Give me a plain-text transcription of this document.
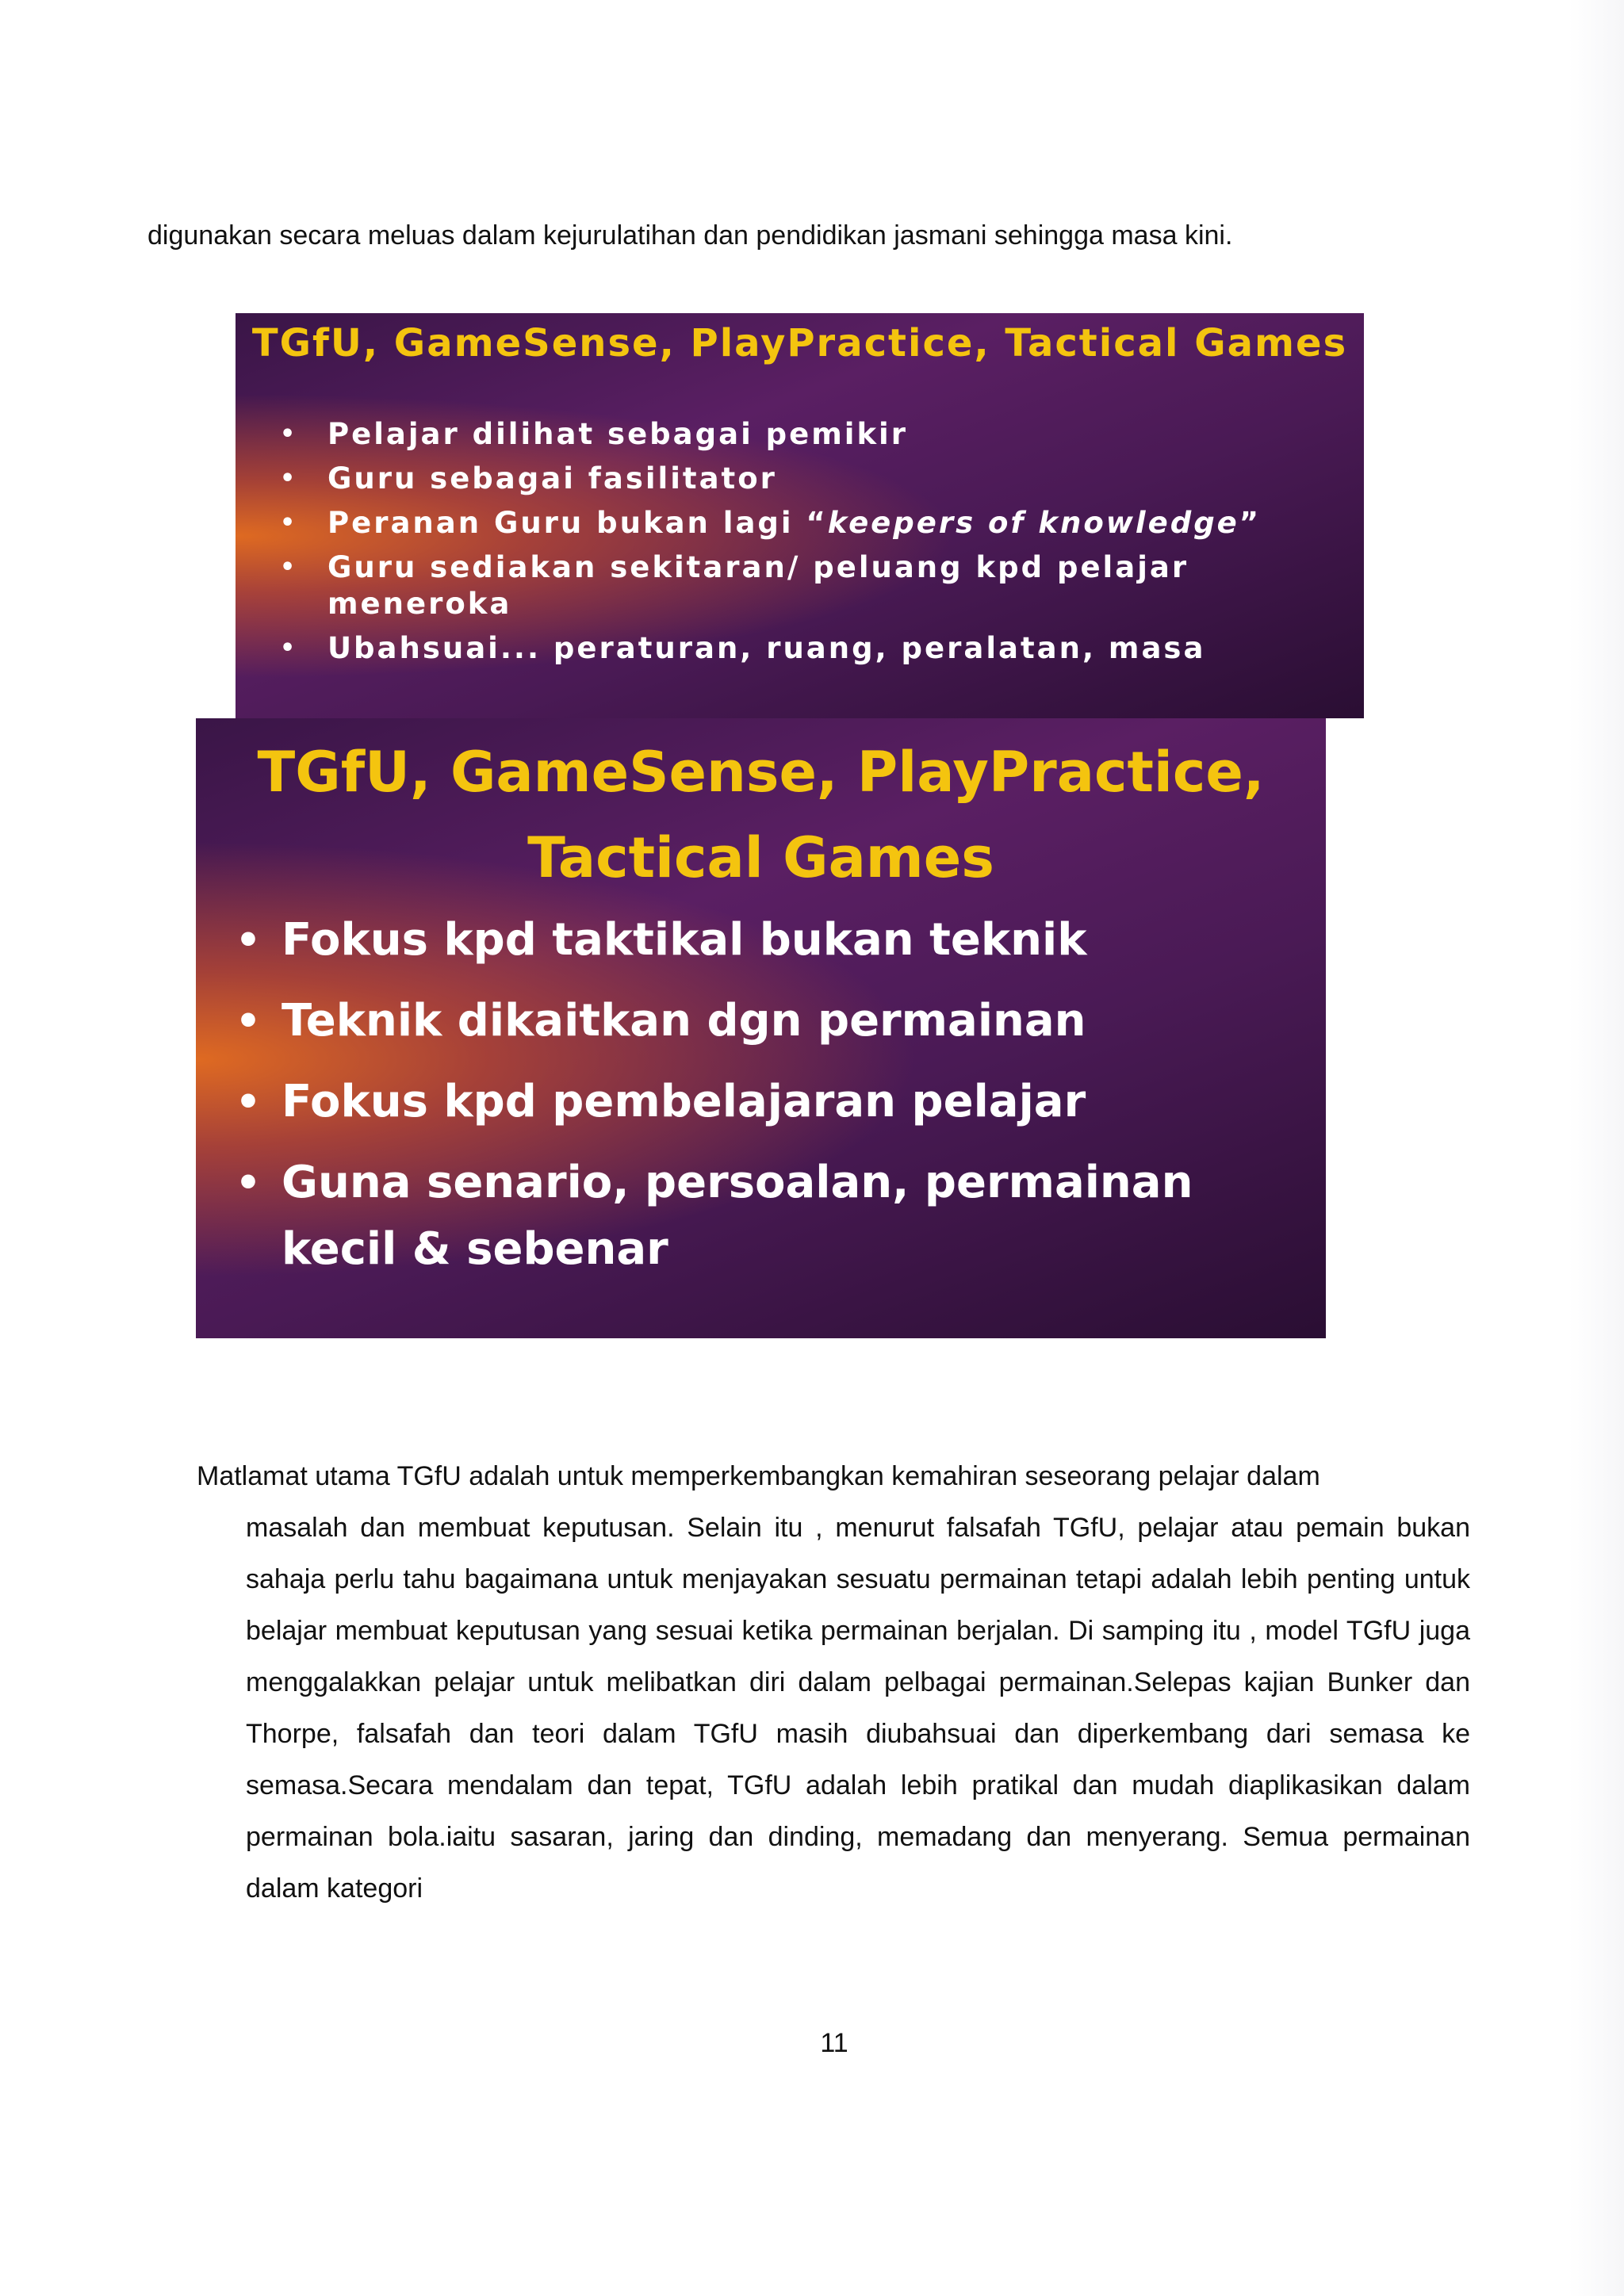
digunakan secara meluas dalam kejurulatihan dan pendidikan jasmani sehingga masa kini.

TGfU, GameSense, PlayPractice, Tactical Games
• Pelajar dilihat sebagai pemikir
• Guru sebagai fasilitator
• Peranan Guru bukan lagi “keepers of knowledge”
• Guru sediakan sekitaran/ peluang kpd pelajar meneroka
• Ubahsuai... peraturan, ruang, peralatan, masa
TGfU, GameSense, PlayPractice, Tactical Games
• Fokus kpd taktikal bukan teknik
• Teknik dikaitkan dgn permainan
• Fokus kpd pembelajaran pelajar
• Guna senario, persoalan, permainan kecil & sebenar

Matlamat utama TGfU adalah untuk memperkembangkan kemahiran seseorang pelajar dalam
masalah dan membuat keputusan. Selain itu , menurut falsafah TGfU, pelajar atau pemain bukan sahaja perlu tahu bagaimana untuk menjayakan sesuatu permainan tetapi adalah lebih penting untuk belajar membuat keputusan yang sesuai ketika permainan berjalan. Di samping itu , model TGfU juga menggalakkan pelajar untuk melibatkan diri dalam pelbagai permainan.Selepas kajian Bunker dan Thorpe, falsafah dan teori dalam TGfU masih diubahsuai dan diperkembang dari semasa ke semasa.Secara mendalam dan tepat, TGfU adalah lebih pratikal dan mudah diaplikasikan dalam permainan bola.iaitu sasaran, jaring dan dinding, memadang dan menyerang. Semua permainan dalam kategori

11
